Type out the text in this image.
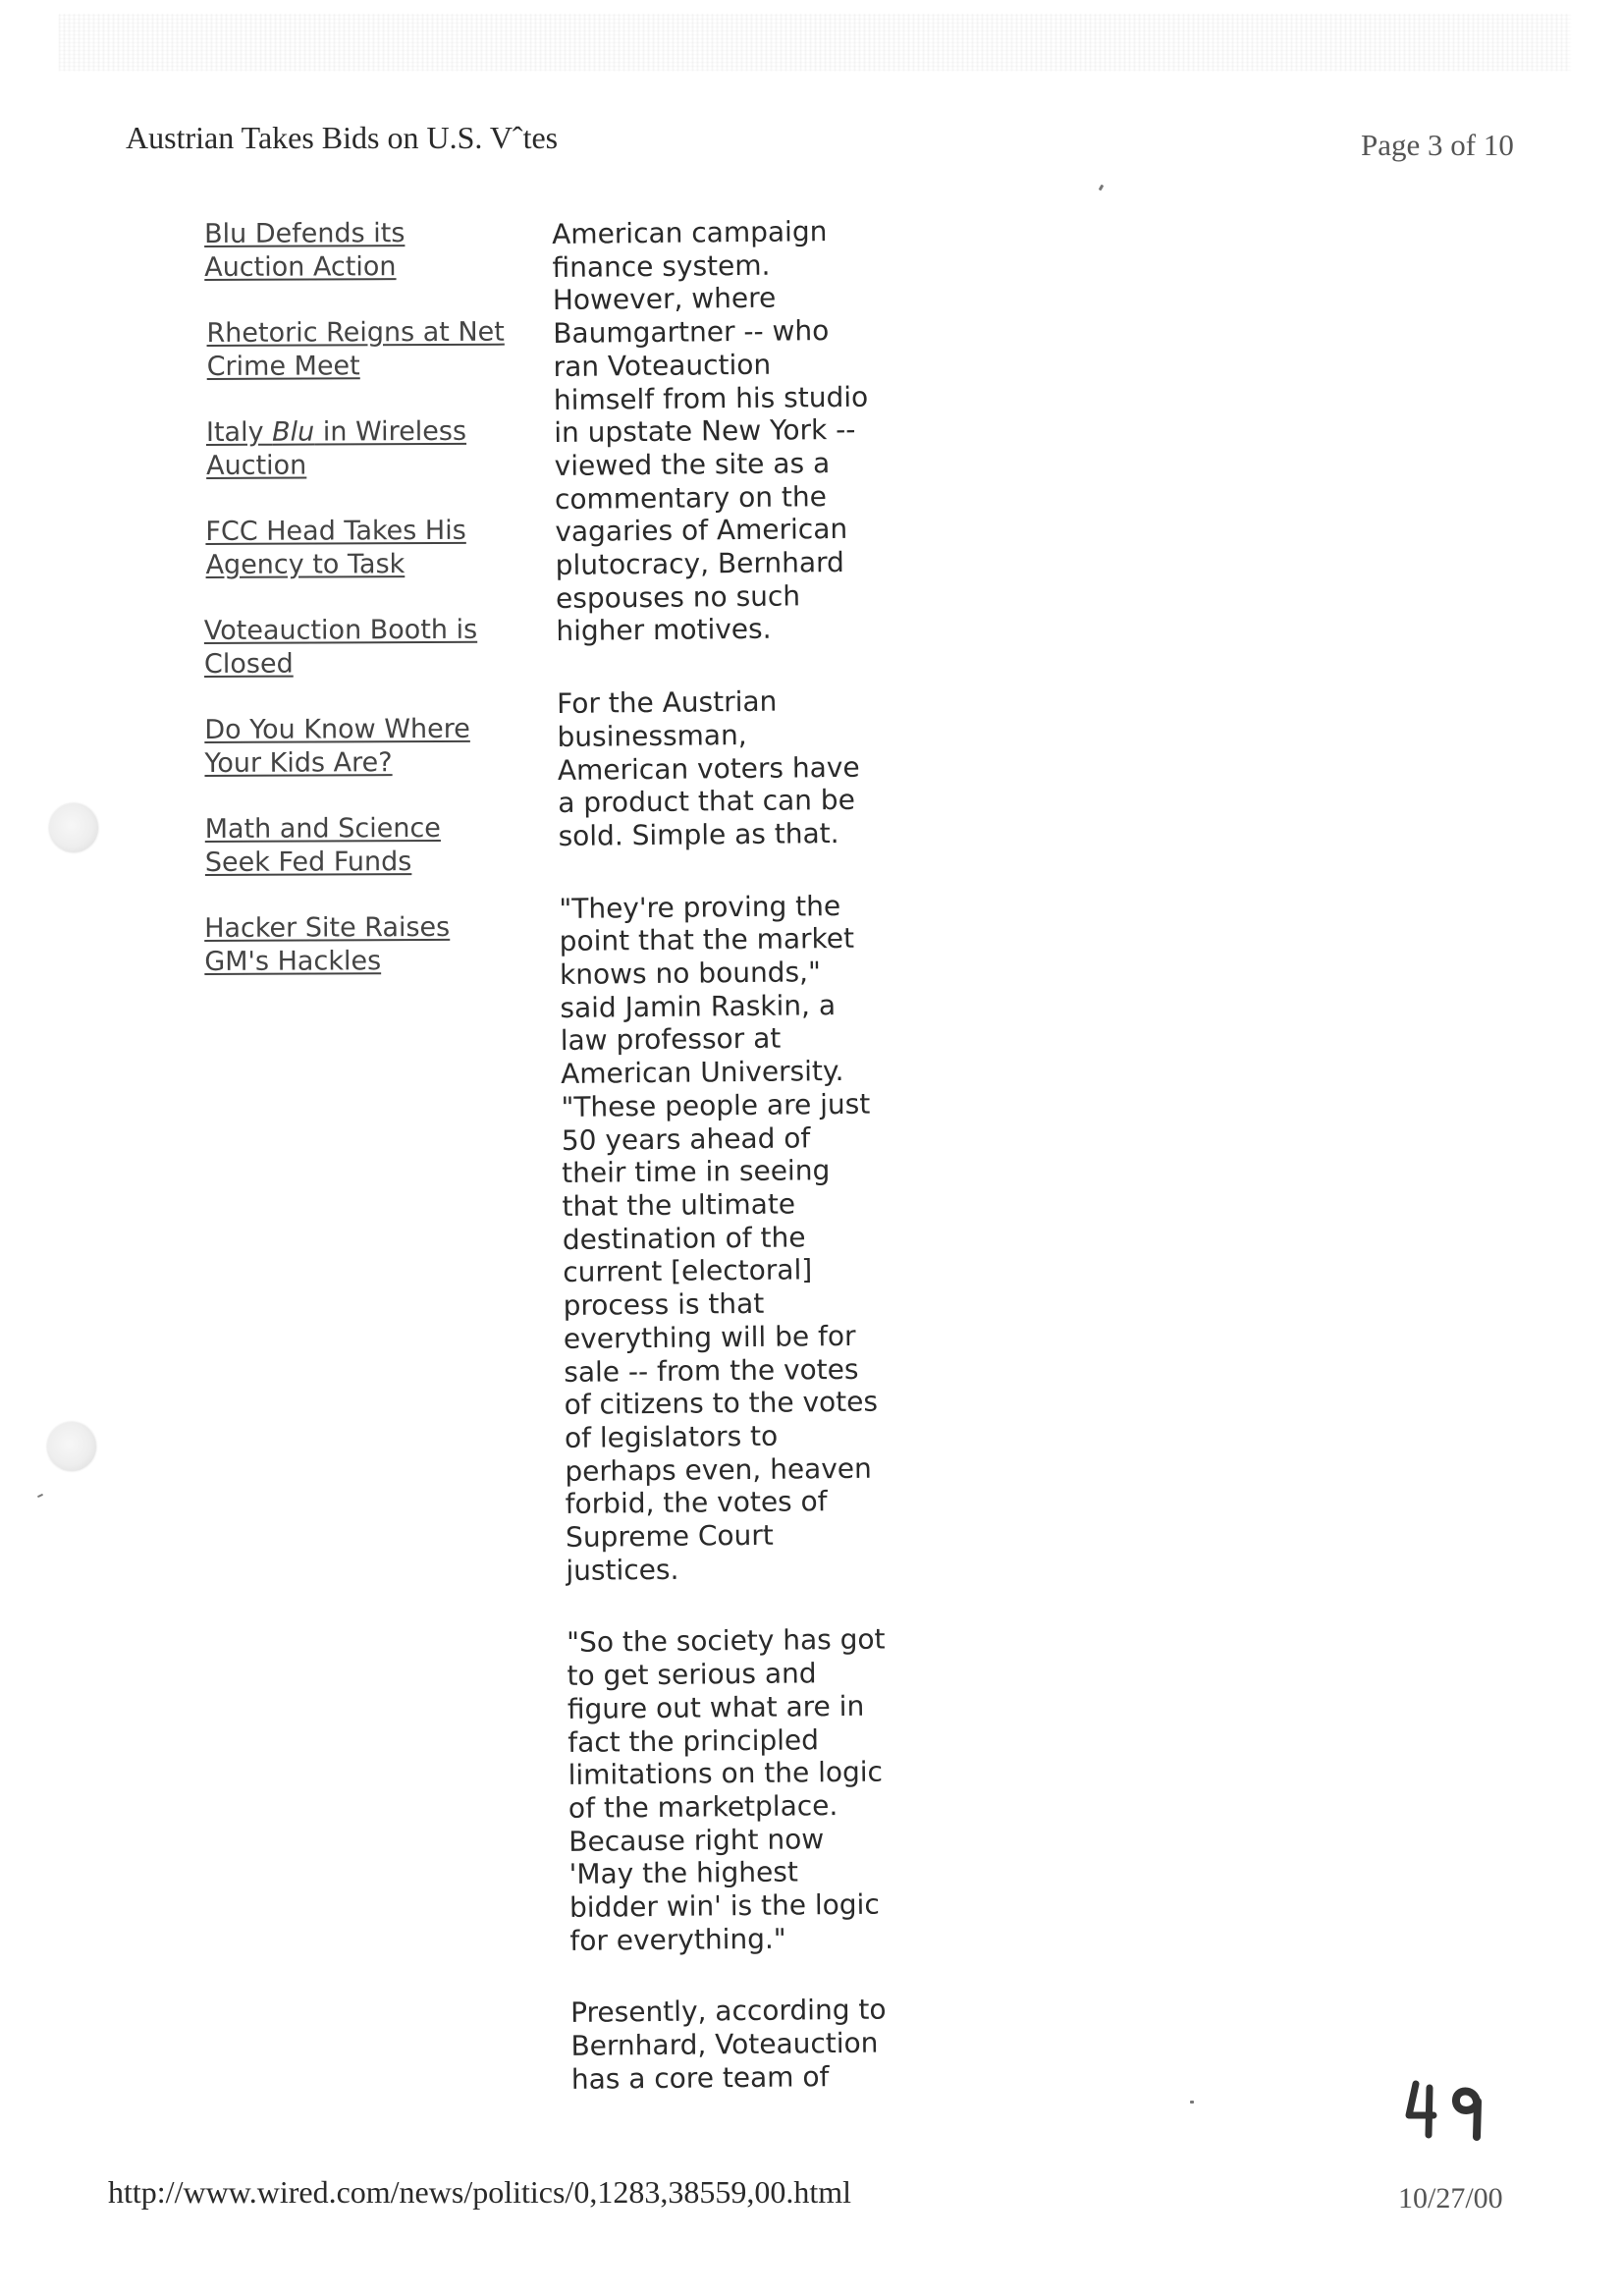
Austrian Takes Bids on U.S. Vˆtes	Page 3 of 10
Blu Defends its
Auction Action
Rhetoric Reigns at Net
Crime Meet
Italy Blu in Wireless
Auction
FCC Head Takes His
Agency to Task
Voteauction Booth is
Closed
Do You Know Where
Your Kids Are?
Math and Science
Seek Fed Funds
Hacker Site Raises
GM's Hackles

American campaign
finance system.
However, where
Baumgartner -- who
ran Voteauction
himself from his studio
in upstate New York --
viewed the site as a
commentary on the
vagaries of American
plutocracy, Bernhard
espouses no such
higher motives.

For the Austrian
businessman,
American voters have
a product that can be
sold. Simple as that.

"They're proving the
point that the market
knows no bounds,"
said Jamin Raskin, a
law professor at
American University.
"These people are just
50 years ahead of
their time in seeing
that the ultimate
destination of the
current [electoral]
process is that
everything will be for
sale -- from the votes
of citizens to the votes
of legislators to
perhaps even, heaven
forbid, the votes of
Supreme Court
justices.

"So the society has got
to get serious and
figure out what are in
fact the principled
limitations on the logic
of the marketplace.
Because right now
'May the highest
bidder win' is the logic
for everything."

Presently, according to
Bernhard, Voteauction
has a core team of

http://www.wired.com/news/politics/0,1283,38559,00.html	10/27/00
